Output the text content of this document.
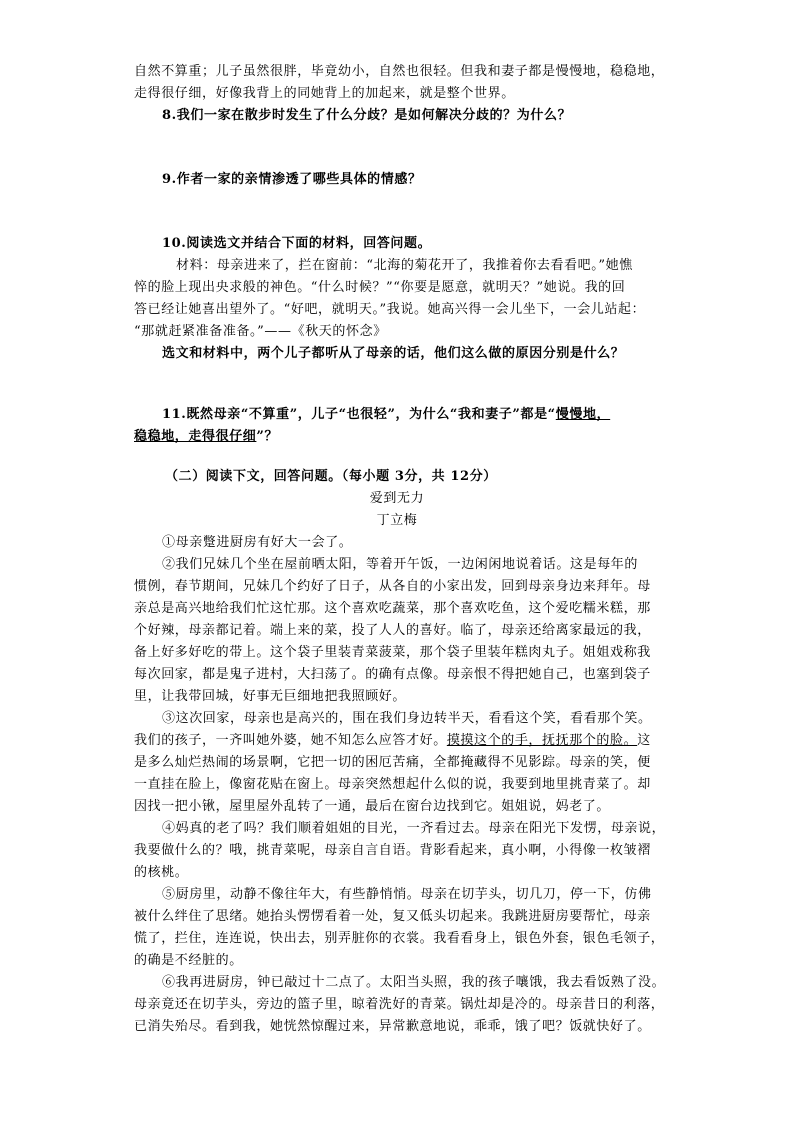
自然不算重；儿子虽然很胖，毕竟幼小，自然也很轻。但我和妻子都是慢慢地，稳稳地，
走得很仔细，好像我背上的同她背上的加起来，就是整个世界。
8.我们一家在散步时发生了什么分歧？是如何解决分歧的？为什么？
9.作者一家的亲情渗透了哪些具体的情感？
10.阅读选文并结合下面的材料，回答问题。
材料：母亲进来了，拦在窗前：“北海的菊花开了，我推着你去看看吧。”她憔
悴的脸上现出央求般的神色。“什么时候？”“你要是愿意，就明天？”她说。我的回
答已经让她喜出望外了。“好吧，就明天。”我说。她高兴得一会儿坐下，一会儿站起：
“那就赶紧准备准备。”——《秋天的怀念》
选文和材料中，两个儿子都听从了母亲的话，他们这么做的原因分别是什么？
11.既然母亲“不算重”，儿子“也很轻”，为什么“我和妻子”都是“慢慢地，
稳稳地，走得很仔细”？
（二）阅读下文，回答问题。（每小题 3分，共 12分）
爱到无力
丁立梅
①母亲蹩进厨房有好大一会了。
②我们兄妹几个坐在屋前晒太阳，等着开午饭，一边闲闲地说着话。这是每年的
惯例，春节期间，兄妹几个约好了日子，从各自的小家出发，回到母亲身边来拜年。母
亲总是高兴地给我们忙这忙那。这个喜欢吃蔬菜，那个喜欢吃鱼，这个爱吃糯米糕，那
个好辣，母亲都记着。端上来的菜，投了人人的喜好。临了，母亲还给离家最远的我，
备上好多好吃的带上。这个袋子里装青菜菠菜，那个袋子里装年糕肉丸子。姐姐戏称我
每次回家，都是鬼子进村，大扫荡了。的确有点像。母亲恨不得把她自己，也塞到袋子
里，让我带回城，好事无巨细地把我照顾好。
③这次回家，母亲也是高兴的，围在我们身边转半天，看看这个笑，看看那个笑。
我们的孩子，一齐叫她外婆，她不知怎么应答才好。摸摸这个的手，抚抚那个的脸。这
是多么灿烂热闹的场景啊，它把一切的困厄苦痛，全都掩藏得不见影踪。母亲的笑，便
一直挂在脸上，像窗花贴在窗上。母亲突然想起什么似的说，我要到地里挑青菜了。却
因找一把小锹，屋里屋外乱转了一通，最后在窗台边找到它。姐姐说，妈老了。
④妈真的老了吗？我们顺着姐姐的目光，一齐看过去。母亲在阳光下发愣，母亲说，
我要做什么的？哦，挑青菜呢，母亲自言自语。背影看起来，真小啊，小得像一枚皱褶
的核桃。
⑤厨房里，动静不像往年大，有些静悄悄。母亲在切芋头，切几刀，停一下，仿佛
被什么绊住了思绪。她抬头愣愣看着一处，复又低头切起来。我跳进厨房要帮忙，母亲
慌了，拦住，连连说，快出去，别弄脏你的衣裳。我看看身上，银色外套，银色毛领子，
的确是不经脏的。
⑥我再进厨房，钟已敲过十二点了。太阳当头照，我的孩子嚷饿，我去看饭熟了没。
母亲竟还在切芋头，旁边的篮子里，晾着洗好的青菜。锅灶却是冷的。母亲昔日的利落，
已消失殆尽。看到我，她恍然惊醒过来，异常歉意地说，乖乖，饿了吧？饭就快好了。
